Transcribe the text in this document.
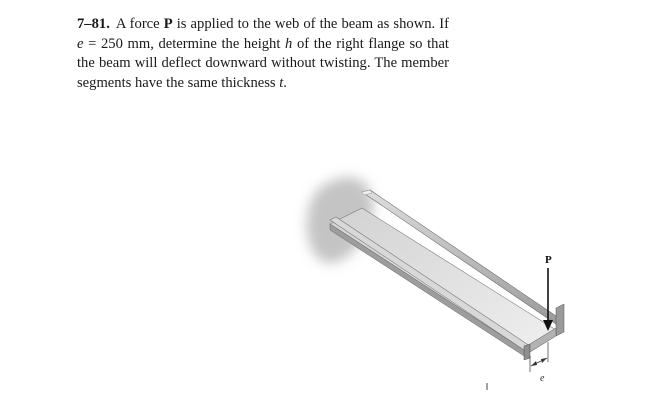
7–81. A force P is applied to the web of the beam as shown. If e = 250 mm, determine the height h of the right flange so that the beam will deflect downward without twisting. The member segments have the same thickness t.

P
e
